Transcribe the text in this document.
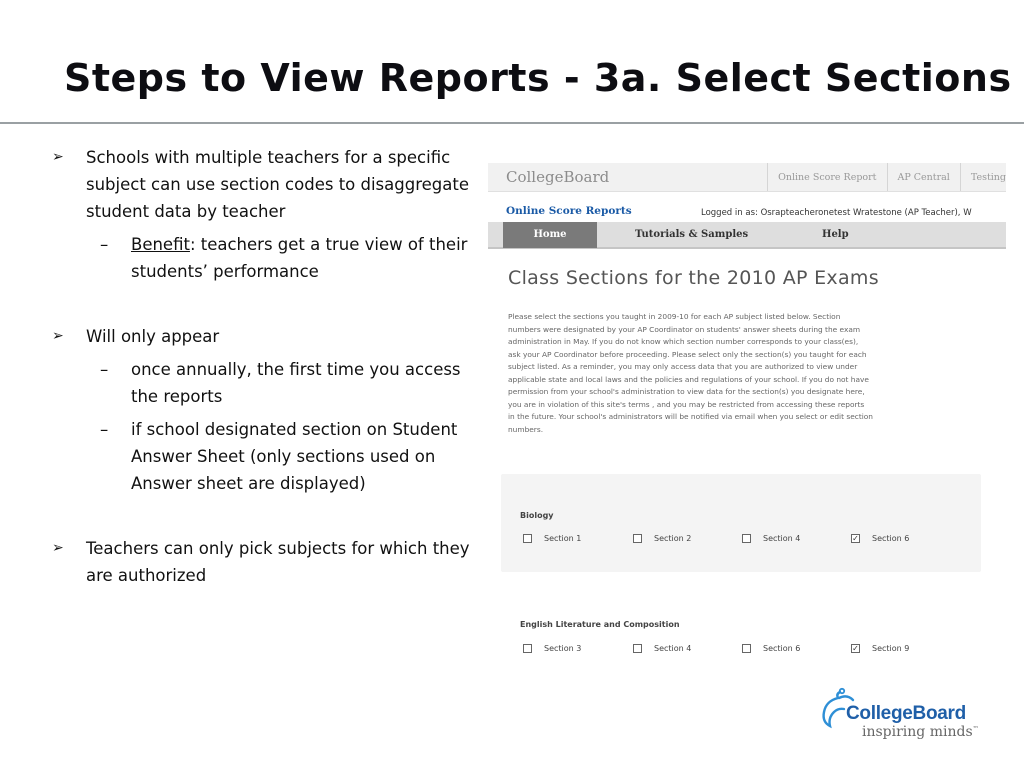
Steps to View Reports - 3a. Select Sections
➢ Schools with multiple teachers for a specific subject can use section codes to disaggregate student data by teacher
– Benefit: teachers get a true view of their students’ performance
➢ Will only appear
– once annually, the first time you access the reports
– if school designated section on Student Answer Sheet (only sections used on Answer sheet are displayed)
➢ Teachers can only pick subjects for which they are authorized
CollegeBoard	Online Score Report	AP Central	Testing
Online Score Reports	Logged in as: Osrapteacheronetest Wratestone (AP Teacher), W
Home	Tutorials & Samples	Help
Class Sections for the 2010 AP Exams
Please select the sections you taught in 2009-10 for each AP subject listed below. Section numbers were designated by your AP Coordinator on students' answer sheets during the exam administration in May. If you do not know which section number corresponds to your class(es), ask your AP Coordinator before proceeding. Please select only the section(s) you taught for each subject listed. As a reminder, you may only access data that you are authorized to view under applicable state and local laws and the policies and regulations of your school. If you do not have permission from your school's administration to view data for the section(s) you designate here, you are in violation of this site's terms , and you may be restricted from accessing these reports in the future. Your school's administrators will be notified via email when you select or edit section numbers.
Biology
Section 1	Section 2	Section 4	✓ Section 6
English Literature and Composition
Section 3	Section 4	Section 6	✓ Section 9
CollegeBoard
inspiring minds™
